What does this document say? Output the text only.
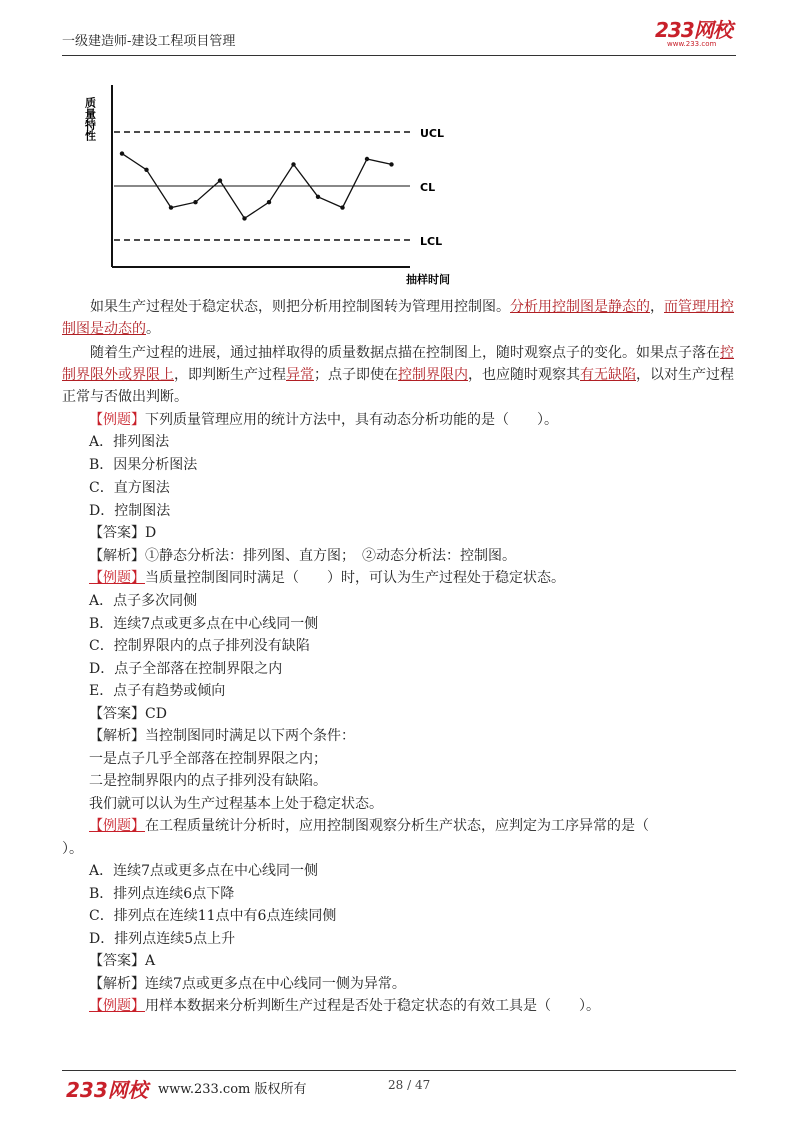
一级建造师-建设工程项目管理	233网校
www.233.com
质量特性
抽样时间
UCL
CL
LCL
如果生产过程处于稳定状态，则把分析用控制图转为管理用控制图。分析用控制图是静态的，而管理用控制图是动态的。
随着生产过程的进展，通过抽样取得的质量数据点描在控制图上，随时观察点子的变化。如果点子落在控制界限外或界限上，即判断生产过程异常；点子即使在控制界限内，也应随时观察其有无缺陷，以对生产过程正常与否做出判断。
【例题】下列质量管理应用的统计方法中，具有动态分析功能的是（　　）。
A．排列图法
B．因果分析图法
C．直方图法
D．控制图法
【答案】D
【解析】①静态分析法：排列图、直方图；　②动态分析法：控制图。
【例题】当质量控制图同时满足（　　）时，可认为生产过程处于稳定状态。
A．点子多次同侧
B．连续7点或更多点在中心线同一侧
C．控制界限内的点子排列没有缺陷
D．点子全部落在控制界限之内
E．点子有趋势或倾向
【答案】CD
【解析】当控制图同时满足以下两个条件：
一是点子几乎全部落在控制界限之内；
二是控制界限内的点子排列没有缺陷。
我们就可以认为生产过程基本上处于稳定状态。
【例题】在工程质量统计分析时，应用控制图观察分析生产状态，应判定为工序异常的是（
）。
A．连续7点或更多点在中心线同一侧
B．排列点连续6点下降
C．排列点在连续11点中有6点连续同侧
D．排列点连续5点上升
【答案】A
【解析】连续7点或更多点在中心线同一侧为异常。
【例题】用样本数据来分析判断生产过程是否处于稳定状态的有效工具是（　　）。
233网校 www.233.com 版权所有	28 / 47
